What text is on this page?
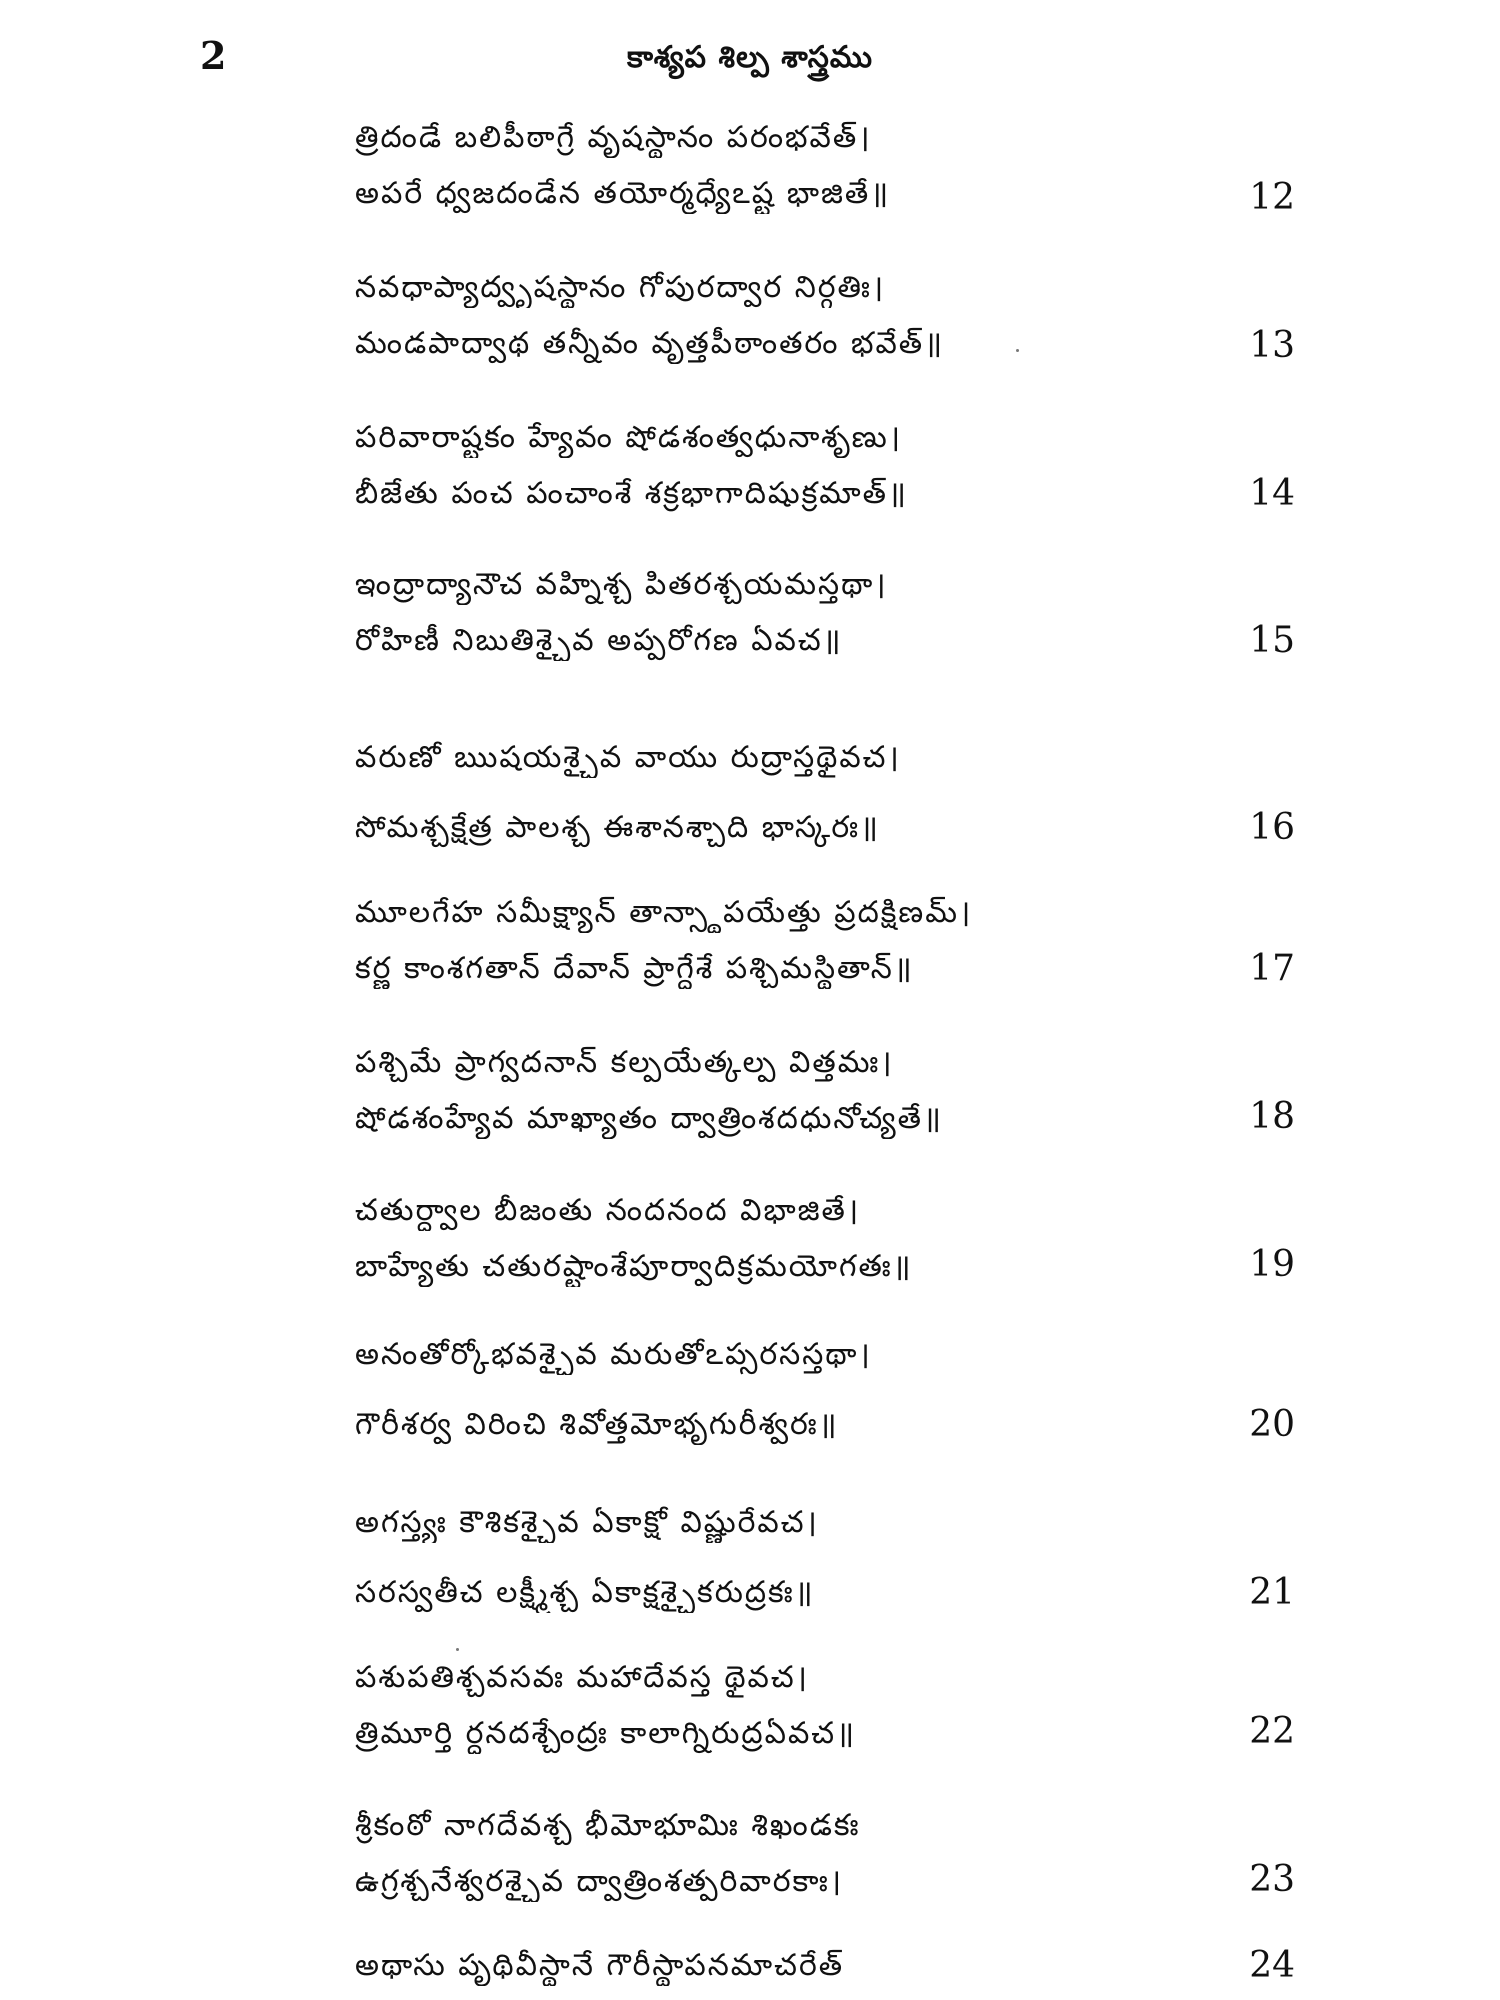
2	కాశ్యప శిల్ప శాస్త్రము
త్రిదండే బలిపీఠాగ్రే వృషస్థానం పరంభవేత్।
అపరే ధ్వజదండేన తయోర్మధ్యేఽష్ట భాజితే॥	12
నవధాప్యాద్వృషస్థానం గోపురద్వార నిర్గతిః।
మండపాద్వాథ తన్నీవం వృత్తపీఠాంతరం భవేత్॥	13
పరివారాష్టకం హ్యేవం షోడశంత్వధునాశృణు।
బీజేతు పంచ పంచాంశే శక్రభాగాదిషుక్రమాత్॥	14
ఇంద్రాద్యానౌచ వహ్నిశ్చ పితరశ్చయమస్తథా।
రోహిణీ నిబుతిశ్చైవ అప్పరోగణ ఏవచ॥	15
వరుణో ఋషయశ్చైవ వాయు రుద్రాస్తథైవచ।
సోమశ్చక్షేత్ర పాలశ్చ ఈశానశ్చాది భాస్కరః॥	16
మూలగేహ సమీక్ష్యాన్ తాన్స్థాపయేత్తు ప్రదక్షిణమ్।
కర్ణ కాంశగతాన్ దేవాన్ ప్రాగ్దేశే పశ్చిమస్థితాన్॥	17
పశ్చిమే ప్రాగ్వదనాన్ కల్పయేత్కల్ప విత్తమః।
షోడశంహ్యేవ మాఖ్యాతం ద్వాత్రింశదధునోచ్యతే॥	18
చతుర్ద్వాల బీజంతు నందనంద విభాజితే।
బాహ్యేతు చతురష్టాంశేపూర్వాదిక్రమయోగతః॥	19
అనంతోర్కోభవశ్చైవ మరుతోఽప్సరసస్తథా।
గౌరీశర్వ విరించి శివోత్తమోభృగురీశ్వరః॥	20
అగస్త్యః కౌశికశ్చైవ ఏకాక్షో విష్ణురేవచ।
సరస్వతీచ లక్ష్మీశ్చ ఏకాక్షశ్చైకరుద్రకః॥	21
పశుపతిశ్చవసవః మహాదేవస్త థైవచ।
త్రిమూర్తి ర్ధనదశ్చేంద్రః కాలాగ్నిరుద్రఏవచ॥	22
శ్రీకంఠో నాగదేవశ్చ భీమోభూమిః శిఖండకః
ఉగ్రశ్చనేశ్వరశ్చైవ ద్వాత్రింశత్పరివారకాః।	23
అథాసు పృథివీస్థానే గౌరీస్థాపనమాచరేత్	24
